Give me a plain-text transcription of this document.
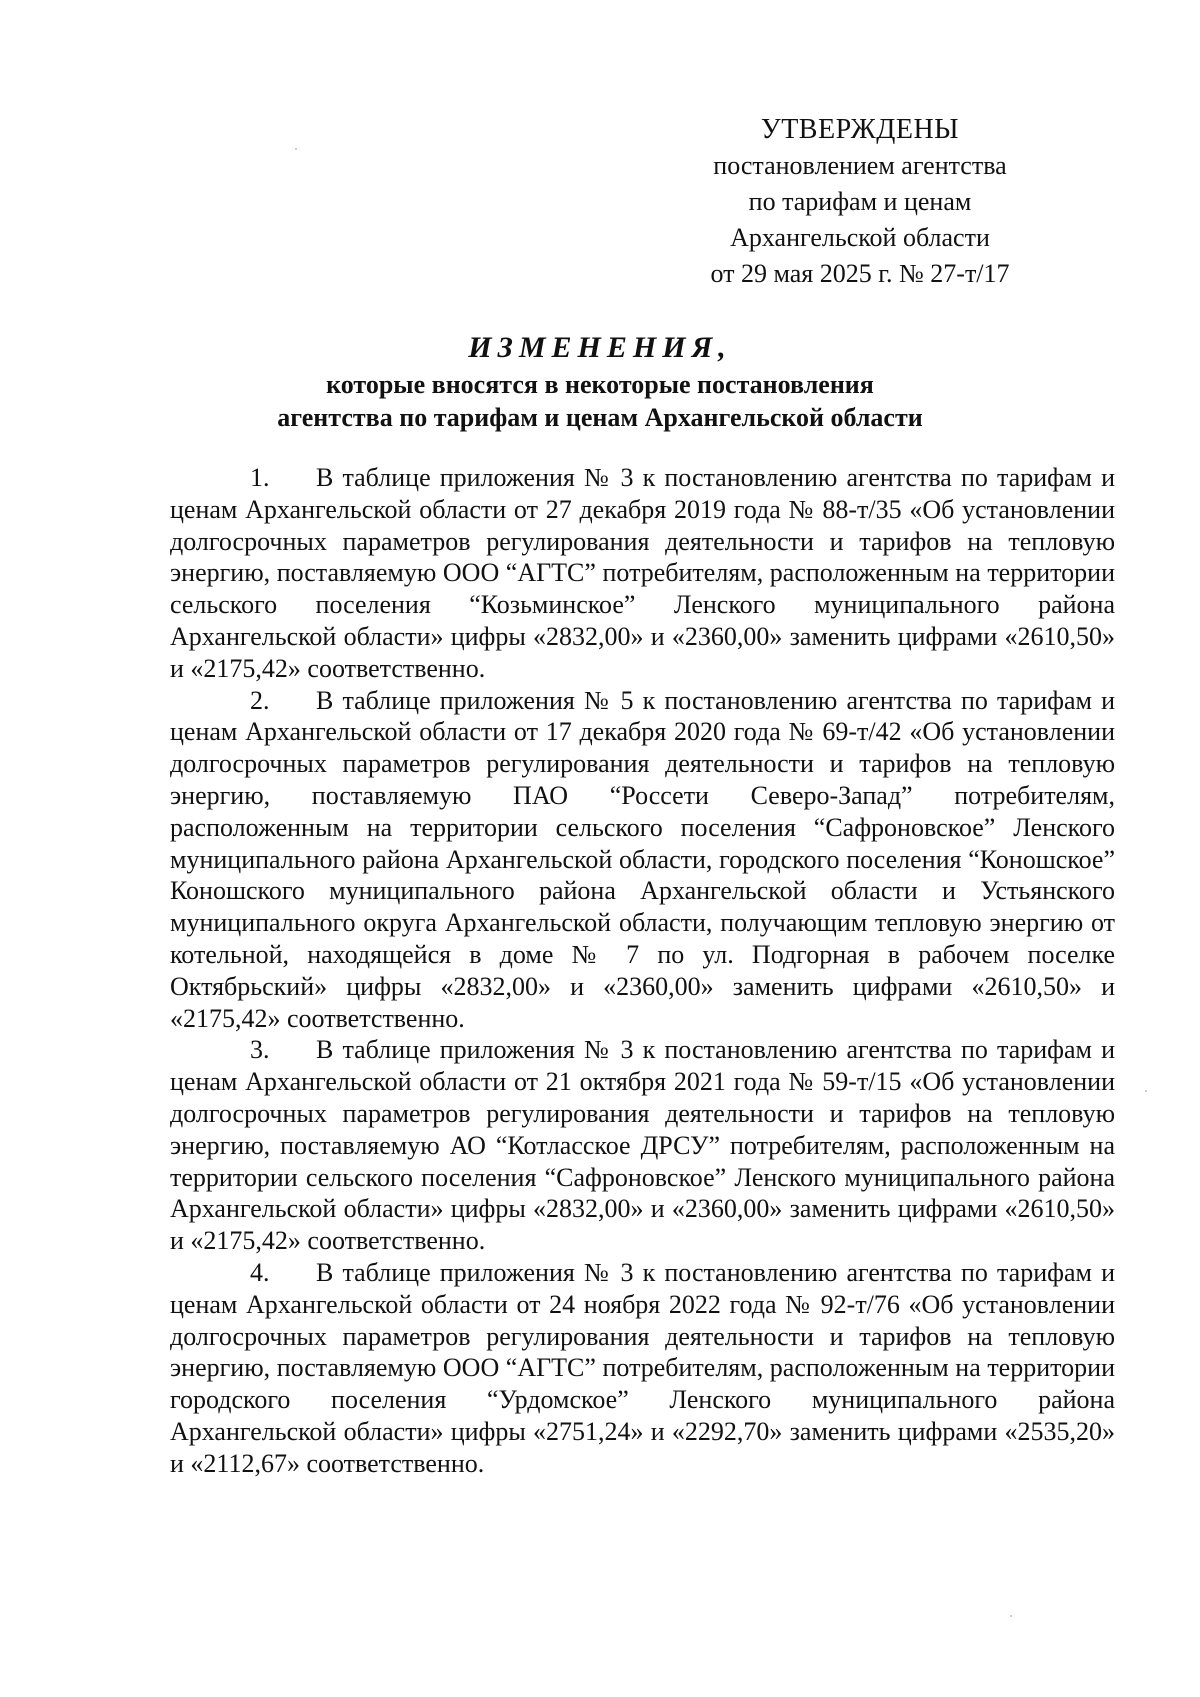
УТВЕРЖДЕНЫ
постановлением агентства
по тарифам и ценам
Архангельской области
от 29 мая 2025 г. № 27-т/17
ИЗМЕНЕНИЯ,
которые вносятся в некоторые постановления
агентства по тарифам и ценам Архангельской области

1. В таблице приложения № 3 к постановлению агентства по тарифам и ценам Архангельской области от 27 декабря 2019 года № 88-т/35 «Об установлении долгосрочных параметров регулирования деятельности и тарифов на тепловую энергию, поставляемую ООО “АГТС” потребителям, расположенным на территории сельского поселения “Козьминское” Ленского муниципального района Архангельской области» цифры «2832,00» и «2360,00» заменить цифрами «2610,50» и «2175,42» соответственно.

2. В таблице приложения № 5 к постановлению агентства по тарифам и ценам Архангельской области от 17 декабря 2020 года № 69-т/42 «Об установлении долгосрочных параметров регулирования деятельности и тарифов на тепловую энергию, поставляемую ПАО “Россети Северо-Запад” потребителям, расположенным на территории сельского поселения “Сафроновское” Ленского муниципального района Архангельской области, городского поселения “Коношское” Коношского муниципального района Архангельской области и Устьянского муниципального округа Архангельской области, получающим тепловую энергию от котельной, находящейся в доме № 7 по ул. Подгорная в рабочем поселке Октябрьский» цифры «2832,00» и «2360,00» заменить цифрами «2610,50» и «2175,42» соответственно.

3. В таблице приложения № 3 к постановлению агентства по тарифам и ценам Архангельской области от 21 октября 2021 года № 59-т/15 «Об установлении долгосрочных параметров регулирования деятельности и тарифов на тепловую энергию, поставляемую АО “Котласское ДРСУ” потребителям, расположенным на территории сельского поселения “Сафроновское” Ленского муниципального района Архангельской области» цифры «2832,00» и «2360,00» заменить цифрами «2610,50» и «2175,42» соответственно.

4. В таблице приложения № 3 к постановлению агентства по тарифам и ценам Архангельской области от 24 ноября 2022 года № 92-т/76 «Об установлении долгосрочных параметров регулирования деятельности и тарифов на тепловую энергию, поставляемую ООО “АГТС” потребителям, расположенным на территории городского поселения “Урдомское” Ленского муниципального района Архангельской области» цифры «2751,24» и «2292,70» заменить цифрами «2535,20» и «2112,67» соответственно.
